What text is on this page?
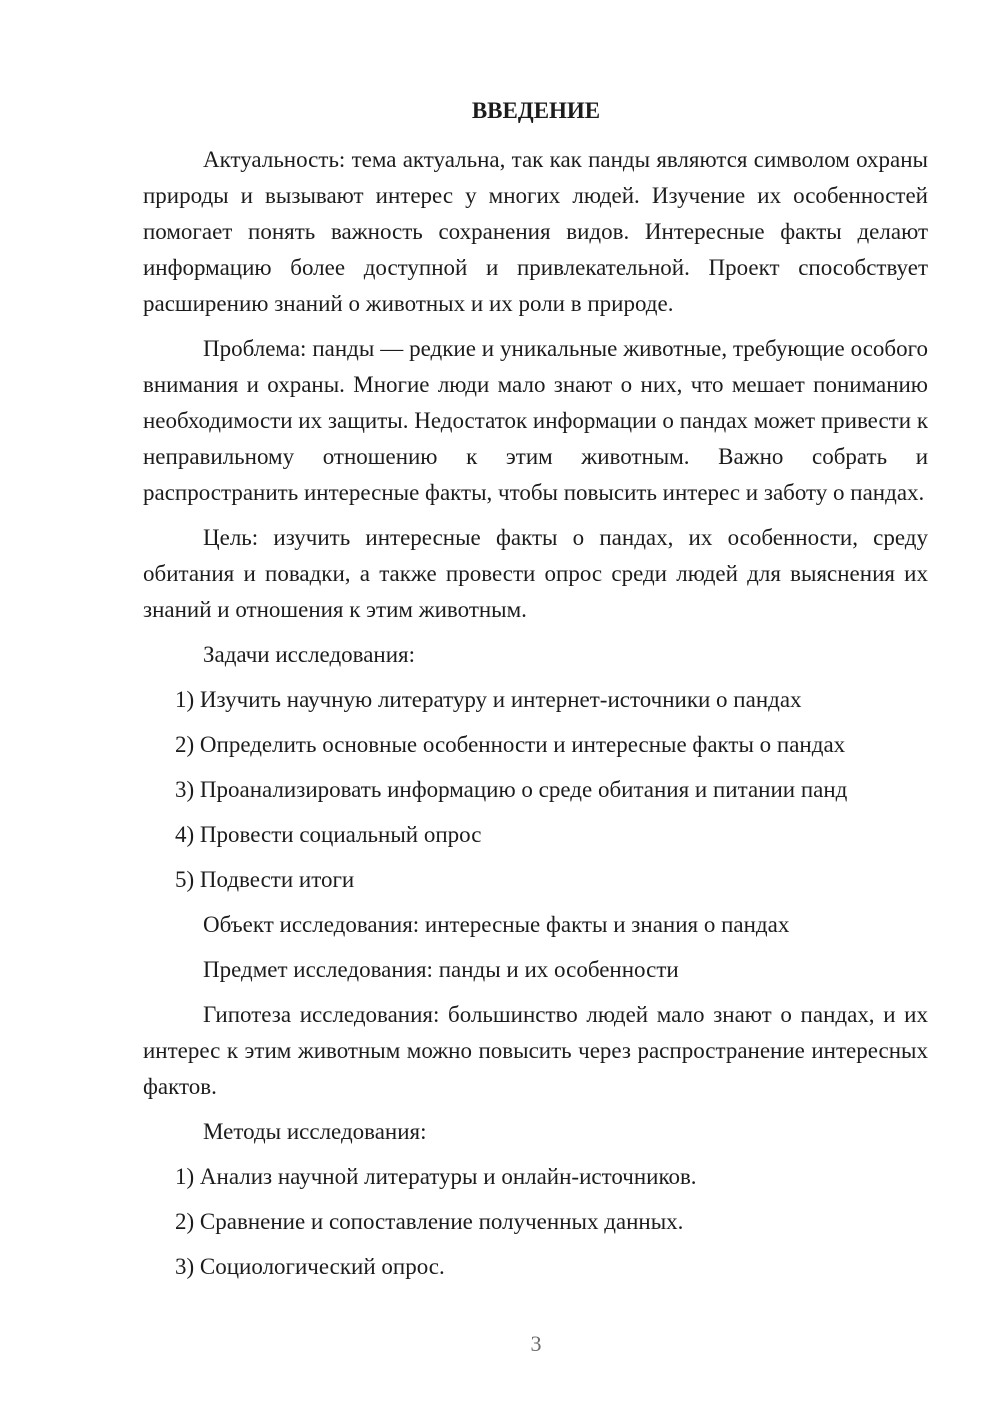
ВВЕДЕНИЕ

Актуальность: тема актуальна, так как панды являются символом охраны природы и вызывают интерес у многих людей. Изучение их особенностей помогает понять важность сохранения видов. Интересные факты делают информацию более доступной и привлекательной. Проект способствует расширению знаний о животных и их роли в природе.

Проблема: панды — редкие и уникальные животные, требующие особого внимания и охраны. Многие люди мало знают о них, что мешает пониманию необходимости их защиты. Недостаток информации о пандах может привести к неправильному отношению к этим животным. Важно собрать и распространить интересные факты, чтобы повысить интерес и заботу о пандах.

Цель: изучить интересные факты о пандах, их особенности, среду обитания и повадки, а также провести опрос среди людей для выяснения их знаний и отношения к этим животным.

Задачи исследования:
1) Изучить научную литературу и интернет-источники о пандах
2) Определить основные особенности и интересные факты о пандах
3) Проанализировать информацию о среде обитания и питании панд
4) Провести социальный опрос
5) Подвести итоги
Объект исследования: интересные факты и знания о пандах
Предмет исследования: панды и их особенности

Гипотеза исследования: большинство людей мало знают о пандах, и их интерес к этим животным можно повысить через распространение интересных фактов.

Методы исследования:
1) Анализ научной литературы и онлайн-источников.
2) Сравнение и сопоставление полученных данных.
3) Социологический опрос.
3
